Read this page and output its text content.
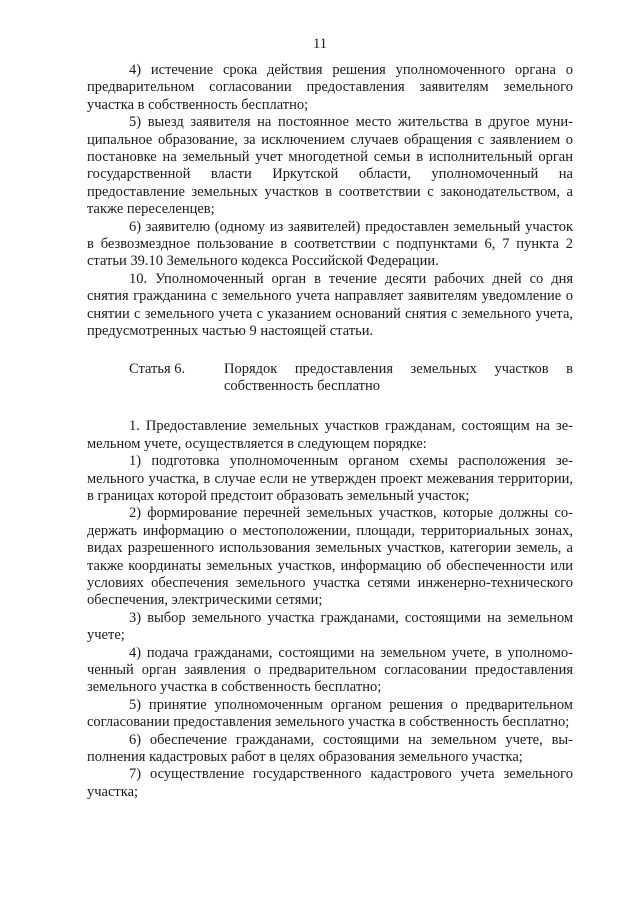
11

4) истечение срока действия решения уполномоченного органа о предварительном согласовании предоставления заявителям земельного участка в собственность бесплатно;

5) выезд заявителя на постоянное место жительства в другое муниципальное образование, за исключением случаев обращения с заявлением о постановке на земельный учет многодетной семьи в исполнительный орган государственной власти Иркутской области, уполномоченный на предоставление земельных участков в соответствии с законодательством, а также переселенцев;

6) заявителю (одному из заявителей) предоставлен земельный участок в безвозмездное пользование в соответствии с подпунктами 6, 7 пункта 2 статьи 39.10 Земельного кодекса Российской Федерации.

10. Уполномоченный орган в течение десяти рабочих дней со дня снятия гражданина с земельного учета направляет заявителям уведомление о снятии с земельного учета с указанием оснований снятия с земельного учета, предусмотренных частью 9 настоящей статьи.

Статья 6.	Порядок предоставления земельных участков в собственность бесплатно

1. Предоставление земельных участков гражданам, состоящим на земельном учете, осуществляется в следующем порядке:

1) подготовка уполномоченным органом схемы расположения земельного участка, в случае если не утвержден проект межевания территории, в границах которой предстоит образовать земельный участок;

2) формирование перечней земельных участков, которые должны содержать информацию о местоположении, площади, территориальных зонах, видах разрешенного использования земельных участков, категории земель, а также координаты земельных участков, информацию об обеспеченности или условиях обеспечения земельного участка сетями инженерно-технического обеспечения, электрическими сетями;

3) выбор земельного участка гражданами, состоящими на земельном учете;

4) подача гражданами, состоящими на земельном учете, в уполномоченный орган заявления о предварительном согласовании предоставления земельного участка в собственность бесплатно;

5) принятие уполномоченным органом решения о предварительном согласовании предоставления земельного участка в собственность бесплатно;

6) обеспечение гражданами, состоящими на земельном учете, выполнения кадастровых работ в целях образования земельного участка;

7) осуществление государственного кадастрового учета земельного участка;
